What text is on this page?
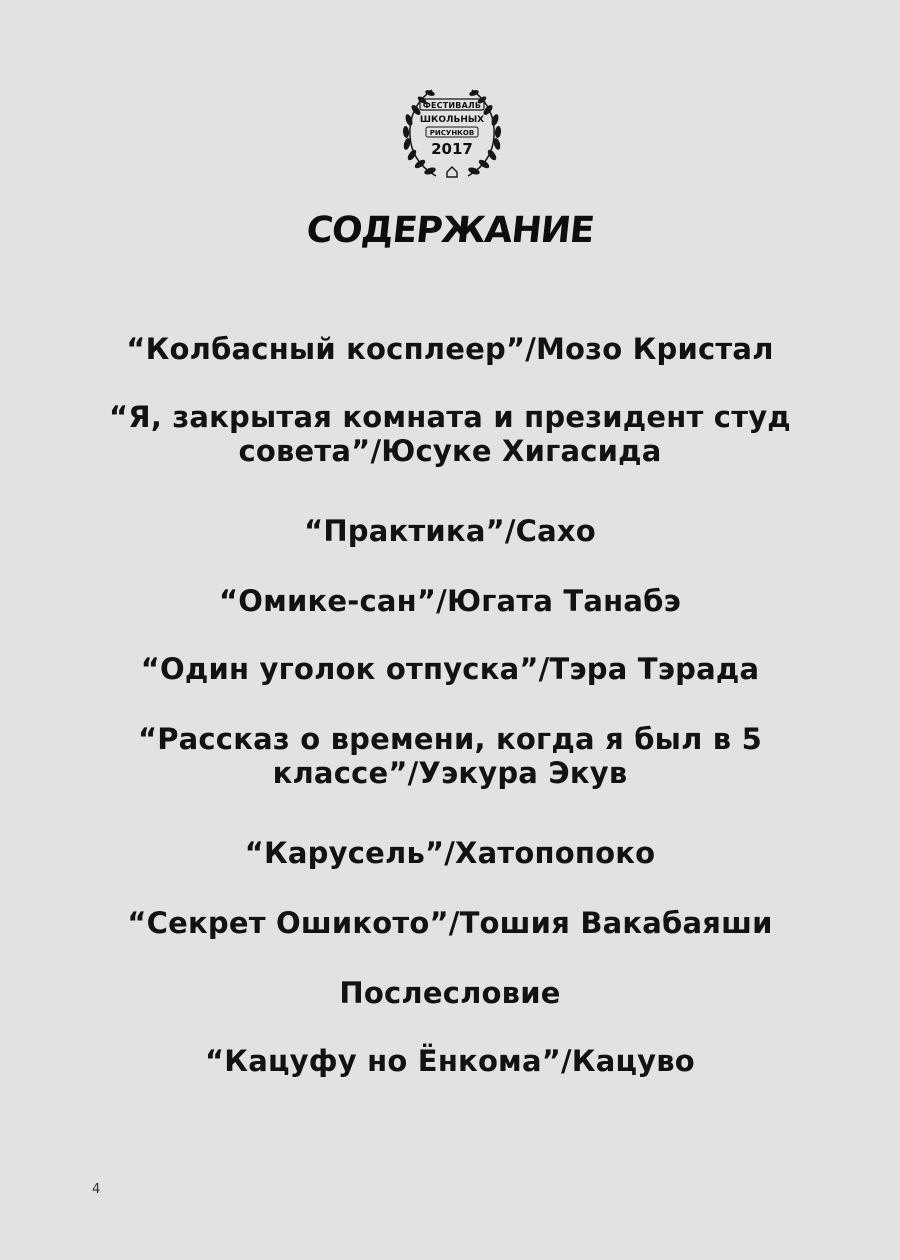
ФЕСТИВАЛЬ
ШКОЛЬНЫХ
РИСУНКОВ
2017
СОДЕРЖАНИЕ
“Колбасный косплеер”/Мозо Кристал
“Я, закрытая комната и президент студ
совета”/Юсуке Хигасида
“Практика”/Сахо
“Омике-сан”/Югата Танабэ
“Один уголок отпуска”/Тэра Тэрада
“Рассказ о времени, когда я был в 5
классе”/Уэкура Экув
“Карусель”/Хатопопоко
“Секрет Ошикото”/Тошия Вакабаяши
Послесловие
“Кацуфу но Ёнкома”/Кацуво
4
